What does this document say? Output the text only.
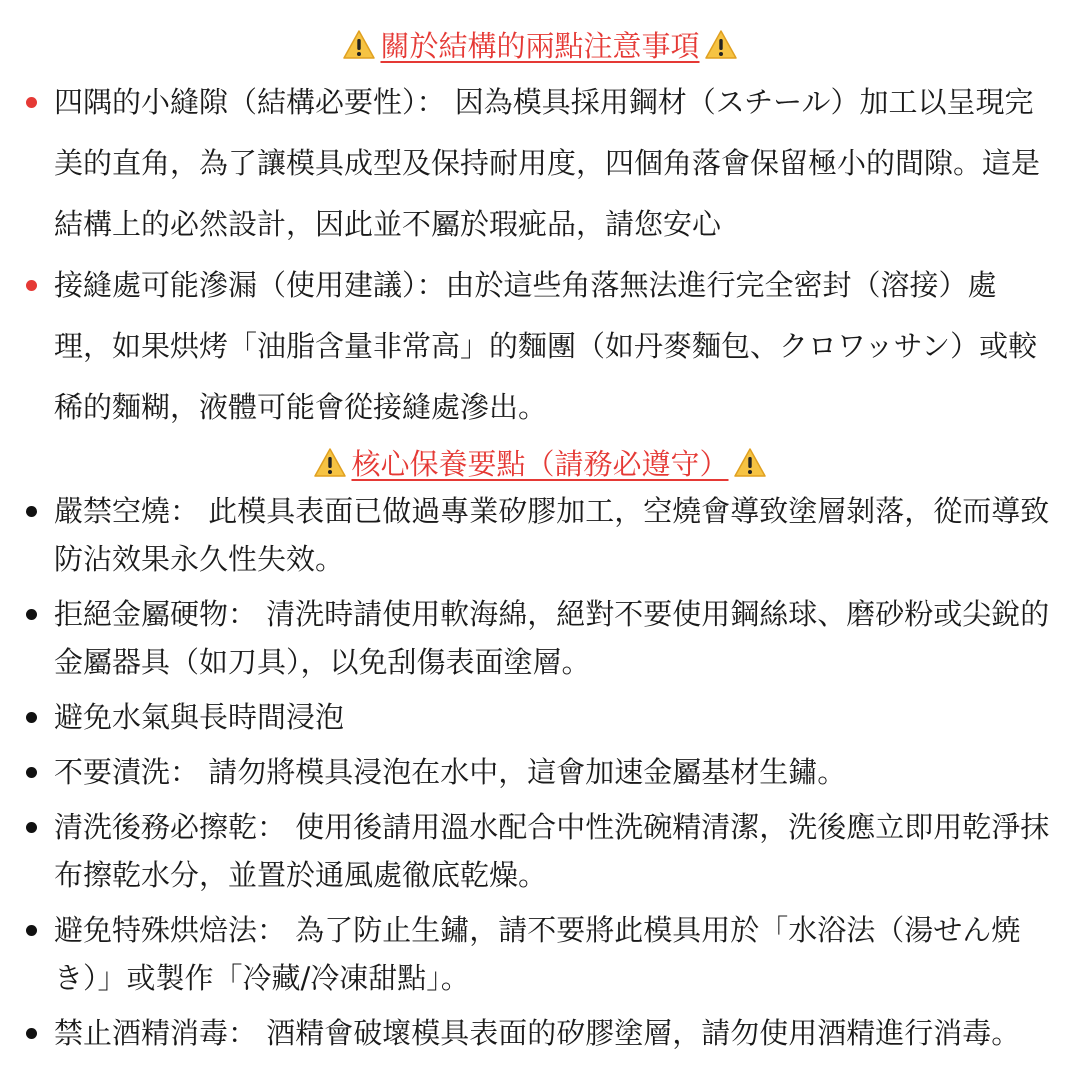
關於結構的兩點注意事項
四隅的小縫隙（結構必要性）： 因為模具採用鋼材（スチール）加工以呈現完美的直角，為了讓模具成型及保持耐用度，四個角落會保留極小的間隙。這是結構上的必然設計，因此並不屬於瑕疵品，請您安心
接縫處可能滲漏（使用建議）：由於這些角落無法進行完全密封（溶接）處理，如果烘烤「油脂含量非常高」的麵團（如丹麥麵包、クロワッサン）或較稀的麵糊，液體可能會從接縫處滲出。
核心保養要點（請務必遵守）
嚴禁空燒： 此模具表面已做過專業矽膠加工，空燒會導致塗層剝落，從而導致防沾效果永久性失效。
拒絕金屬硬物： 清洗時請使用軟海綿，絕對不要使用鋼絲球、磨砂粉或尖銳的金屬器具（如刀具），以免刮傷表面塗層。
避免水氣與長時間浸泡
不要漬洗： 請勿將模具浸泡在水中，這會加速金屬基材生鏽。
清洗後務必擦乾： 使用後請用溫水配合中性洗碗精清潔，洗後應立即用乾淨抹布擦乾水分，並置於通風處徹底乾燥。
避免特殊烘焙法： 為了防止生鏽，請不要將此模具用於「水浴法（湯せん焼き）」或製作「冷藏/冷凍甜點」。
禁止酒精消毒： 酒精會破壞模具表面的矽膠塗層，請勿使用酒精進行消毒。
